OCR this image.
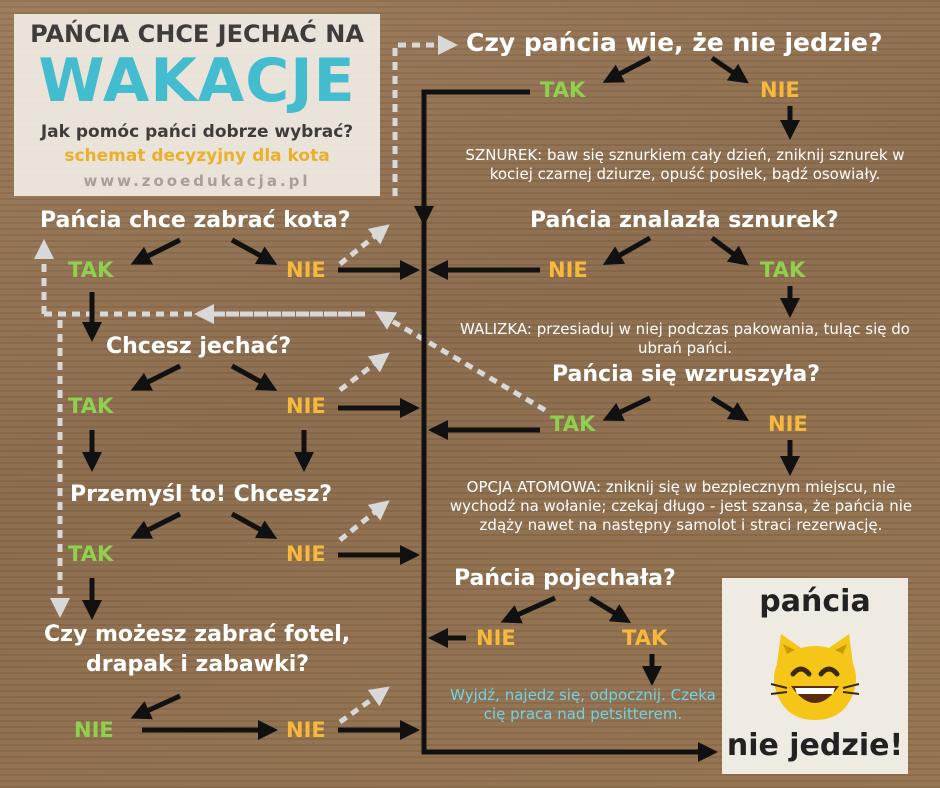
PAŃCIA CHCE JECHAĆ NA
WAKACJE
Jak pomóc pańci dobrze wybrać?
schemat decyzyjny dla kota
www.zooedukacja.pl
Czy pańcia wie, że nie jedzie?
TAK	NIE
SZNUREK: baw się sznurkiem cały dzień, zniknij sznurek w kociej czarnej dziurze, opuść posiłek, bądź osowiały.
Pańcia znalazła sznurek?
NIE	TAK
WALIZKA: przesiaduj w niej podczas pakowania, tuląc się do ubrań pańci.
Pańcia się wzruszyła?
TAK	NIE
OPCJA ATOMOWA: zniknij się w bezpiecznym miejscu, nie wychodź na wołanie; czekaj długo - jest szansa, że pańcia nie zdąży nawet na następny samolot i straci rezerwację.
Pańcia pojechała?
NIE	TAK
Wyjdź, najedz się, odpocznij. Czeka cię praca nad petsitterem.
Pańcia chce zabrać kota?
TAK	NIE
Chcesz jechać?
TAK	NIE
Przemyśl to! Chcesz?
TAK	NIE
Czy możesz zabrać fotel,
drapak i zabawki?
NIE	NIE
pańcia
nie jedzie!
